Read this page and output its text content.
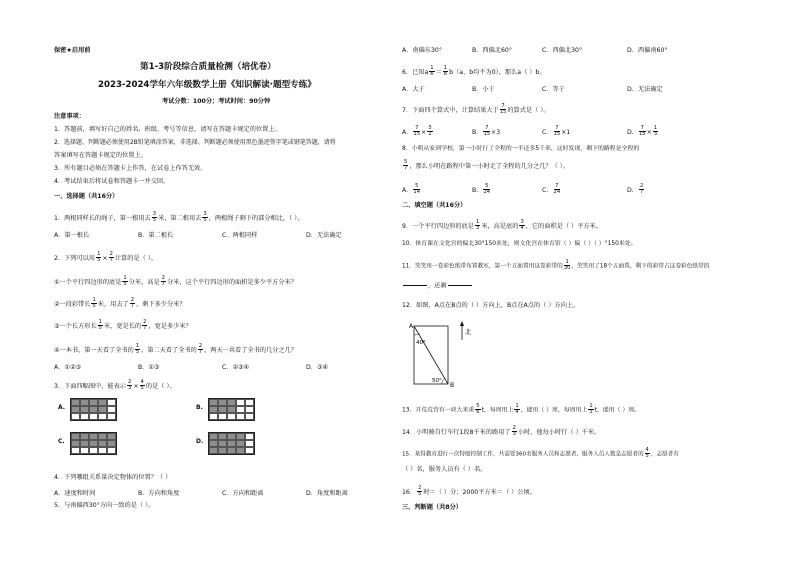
保密★启用前
第1-3阶段综合质量检测（培优卷）
2023-2024学年六年级数学上册《知识解读·题型专练》
考试分数：100分；考试时间：90分钟
注意事项：
1．答题前，填写好自己的姓名、班级、考号等信息，请写在答题卡规定的位置上。
2．选择题、判断题必须使用2B铅笔填涂答案，非选择、判断题必须使用黑色墨迹签字笔或钢笔答题，请将
答案填写在答题卡规定的位置上。
3．所有题目必须在答题卡上作答，在试卷上作答无效。
4．考试结束后将试卷和答题卡一并交回。
一、选择题（共16分）
1．两根同样长的绳子，第一根用去 $\frac{3}{5}$ 米，第二根用去 $\frac{3}{5}$ ，两根绳子剩下的部分相比，（ ）。
A．第一根长	B．第二根长	C．两根同样	D．无法确定
2．下列可以用 $\frac{1}{5} \times \frac{2}{7}$ 计算的是（ ）。
①一个平行四边形的底是 $\frac{1}{5}$ 分米，高是 $\frac{2}{7}$ 分米，这个平行四边形的面积是多少平方分米？
②一段彩带长 $\frac{1}{5}$ 米，用去了 $\frac{2}{7}$ ，剩下多少分米？
③一个长方形长 $\frac{1}{5}$ 米，宽是长的 $\frac{2}{7}$ ，宽是多少米？
④一本书，第一天看了全书的 $\frac{1}{5}$ ，第二天看了全书的 $\frac{2}{7}$ ，两天一共看了全书的几分之几？
A．①②③	B．①③	C．②③④	D．③④
3．下面四幅图中，能表示 $\frac{2}{3} \times \frac{4}{5}$ 的是（ ）。
A.	B.
C.	D.
4．下列哪组关系量决定物体的位置？（ ）
A．速度和时间	B．方向和角度	C．方向和距离	D．角度和距离
5．与南偏西30°方向一致的是（ ）。
A．南偏东30°	B．西偏北60°	C．西偏北30°	D．西偏南60°
6．已知a $\frac{1}{6} = \frac{1}{8} b(a$、b均不为0），那么a（ ）b。
A．大于	B．小于	C．等于	D．无法确定
7．下面四个算式中，计算结果大于 $\frac{7}{15}$ 的算式是（ ）。
A． $\frac{7}{15} \times \frac{3}{2}$	B． $\frac{7}{15} \times 3$	C． $\frac{7}{15} \times 1$	D． $\frac{7}{15} \times \frac{1}{3}$
8．小明从家到学校，第一小时行了全程的一半还多5千米，这时发现，剩下的路程是全程的
$\frac{5}{7}$ ，那么小明在路程中第一小时走了全程的几分之几？（ ）。
A． $\frac{5}{14}$	B． $\frac{5}{24}$	C． $\frac{7}{24}$	D． $\frac{2}{7}$
二、填空题（共16分）
9．一个平行四边形的底是 $\frac{1}{3}$ 米，高是底的 $\frac{3}{4}$ ，它的面积是（ ）平方米。
10．体育课在文化宫的偏北30°150米处，则文化宫在体育馆（ ）偏（ ）（ ）°150米处。
11．笑笑用一卷彩色纸带布置教室，第一个五面置用这卷彩带的 $\frac{1}{30}$ ，笑笑用了18个五面置，剩下的彩带占这卷彩色纸带的
，还剩
12．如图，A点在B点的（ ）方向上，B点在A点的（ ）方向上。
A
B
北
40°
50°
13．开荒荒营有一块大米重 $\frac{5}{6}$ t，每周用上 $\frac{1}{4}$ ，能用（ ）周，每周用上 $\frac{1}{3}$ t，能用（ ）周。
14．小明骑自行车行1段8千米的路用了 $\frac{2}{3}$ 小时，他每小时行（ ）千米。
15．某得教育进行一次特般控制工作，共需要360名服务人员和志愿者，服务人员人数是志愿者的 $\frac{4}{5}$ ，志愿者有
（ ）名，服务人员有（ ）名。
16． $\frac{2}{5}$ 时＝（ ）分；2000平方米＝（ ）公顷。
三、判断题（共8分）
